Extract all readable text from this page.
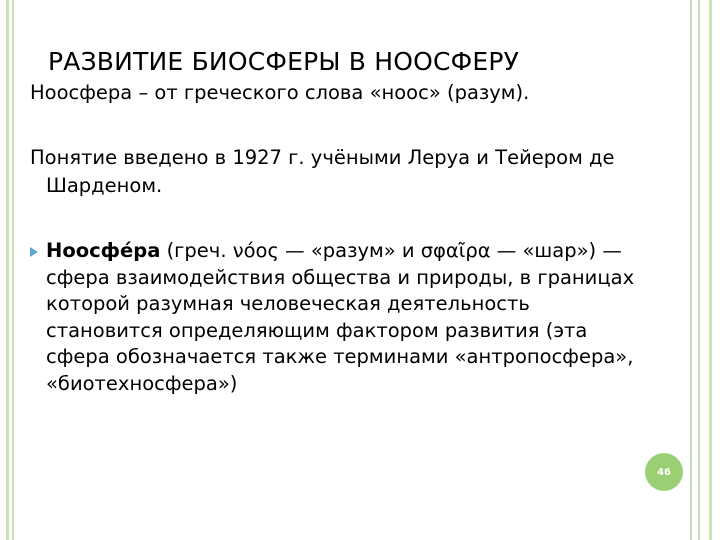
РАЗВИТИЕ БИОСФЕРЫ В НООСФЕРУ

Ноосфера – от греческого слова «ноос» (разум).

Понятие введено в 1927 г. учёными Леруа и Тейером де Шарденом.

Ноосфе́ра (греч. νόος — «разум» и σφαῖρα — «шар») — сфера взаимодействия общества и природы, в границах которой разумная человеческая деятельность становится определяющим фактором развития (эта сфера обозначается также терминами «антропосфера», «биотехносфера»)

46
